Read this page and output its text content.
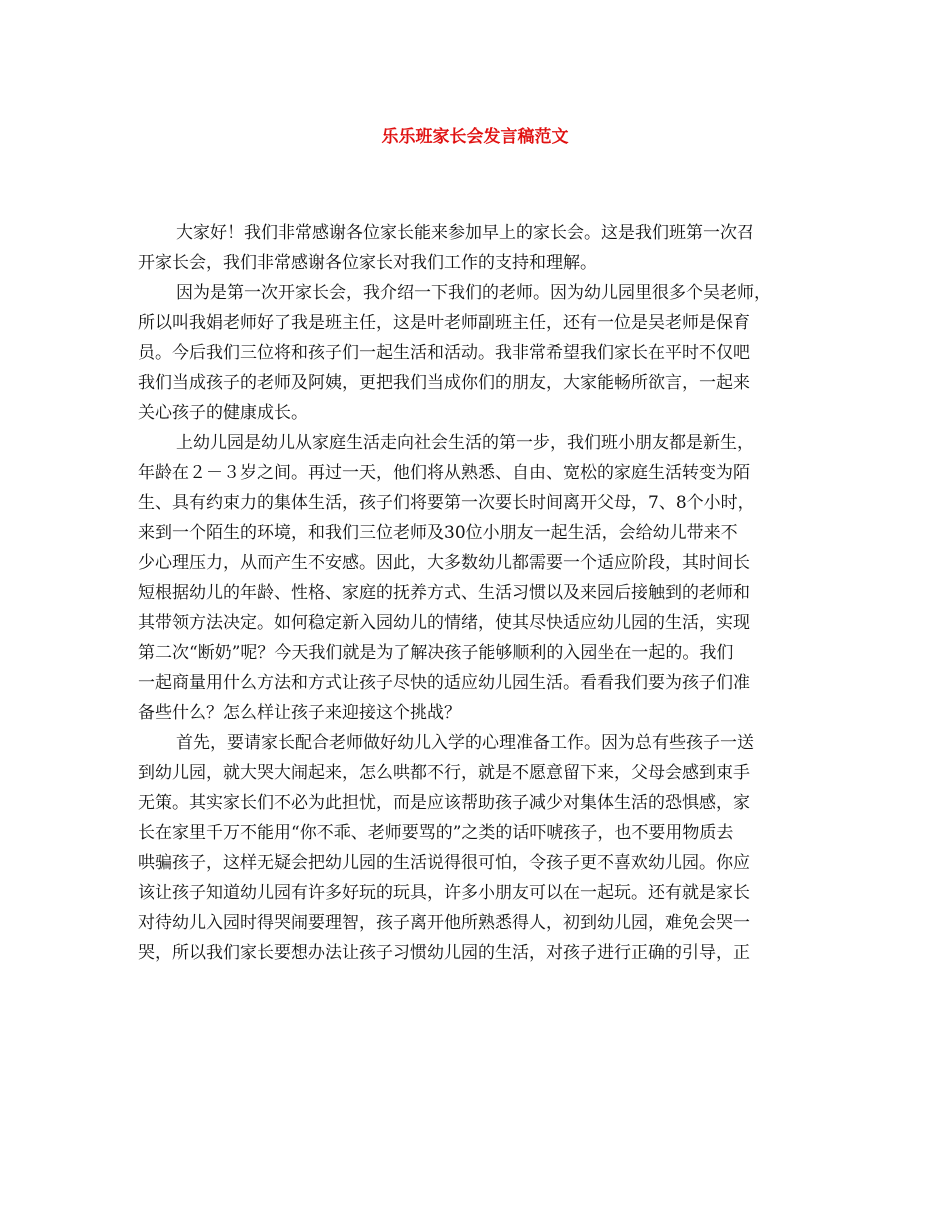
乐乐班家长会发言稿范文
大家好！我们非常感谢各位家长能来参加早上的家长会。这是我们班第一次召
开家长会，我们非常感谢各位家长对我们工作的支持和理解。
因为是第一次开家长会，我介绍一下我们的老师。因为幼儿园里很多个吴老师，
所以叫我娟老师好了我是班主任，这是叶老师副班主任，还有一位是吴老师是保育
员。今后我们三位将和孩子们一起生活和活动。我非常希望我们家长在平时不仅吧
我们当成孩子的老师及阿姨，更把我们当成你们的朋友，大家能畅所欲言，一起来
关心孩子的健康成长。
上幼儿园是幼儿从家庭生活走向社会生活的第一步，我们班小朋友都是新生，
年龄在２－３岁之间。再过一天，他们将从熟悉、自由、宽松的家庭生活转变为陌
生、具有约束力的集体生活，孩子们将要第一次要长时间离开父母，7、8个小时，
来到一个陌生的环境，和我们三位老师及30位小朋友一起生活，会给幼儿带来不
少心理压力，从而产生不安感。因此，大多数幼儿都需要一个适应阶段，其时间长
短根据幼儿的年龄、性格、家庭的抚养方式、生活习惯以及来园后接触到的老师和
其带领方法决定。如何稳定新入园幼儿的情绪，使其尽快适应幼儿园的生活，实现
第二次“断奶”呢？今天我们就是为了解决孩子能够顺利的入园坐在一起的。我们
一起商量用什么方法和方式让孩子尽快的适应幼儿园生活。看看我们要为孩子们准
备些什么？怎么样让孩子来迎接这个挑战？
首先，要请家长配合老师做好幼儿入学的心理准备工作。因为总有些孩子一送
到幼儿园，就大哭大闹起来，怎么哄都不行，就是不愿意留下来，父母会感到束手
无策。其实家长们不必为此担忧，而是应该帮助孩子减少对集体生活的恐惧感，家
长在家里千万不能用“你不乖、老师要骂的”之类的话吓唬孩子，也不要用物质去
哄骗孩子，这样无疑会把幼儿园的生活说得很可怕，令孩子更不喜欢幼儿园。你应
该让孩子知道幼儿园有许多好玩的玩具，许多小朋友可以在一起玩。还有就是家长
对待幼儿入园时得哭闹要理智，孩子离开他所熟悉得人，初到幼儿园，难免会哭一
哭，所以我们家长要想办法让孩子习惯幼儿园的生活，对孩子进行正确的引导，正
